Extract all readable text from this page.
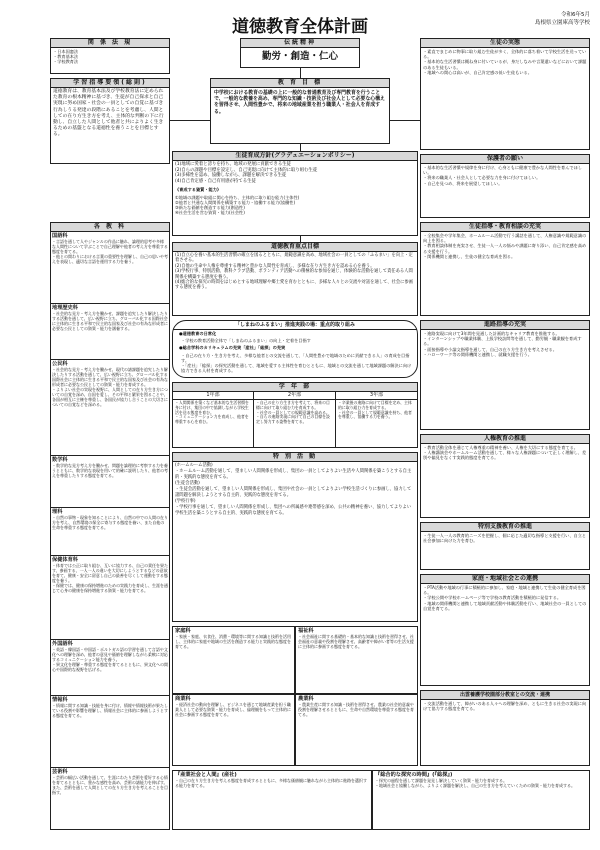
道徳教育全体計画
令和6年5月
島根県立園庫高等学校
関 係 法 規
・日本国憲法
・教育基本法
・学校教育法
学習指導要領(総則)
道徳教育は、教育基本法及び学校教育法に定められた教育の根本精神に基づき、生徒が自己探求と自己実現に努め国家・社会の一員としての自覚に基づき行為しうる発達の段階にあることを考慮し、人間としての在り方生き方を考え、主体的な判断の下に行動し、自立した人間として他者と共によりよく生きるための基盤となる道徳性を養うことを目標とする。
各 教 科
国語科
・言語を通して人やジャンルの作品に触れ、論理的思考や多様な人間性について学ぶことで自己理解や他者の考え方を尊重する態度を育てる。
・他との関わりにおける言葉の重要性を理解し、自己の思いや考えを表現し、適切な言語を運用する力を養う。
地理歴史科
・社会的な見方・考え方を働かせ、課題を追究したり解決したりする活動を通して、広い視野に立ち、グローバル化する国際社会に主体的に生きる平和で民主的な国家及び社会の有為な形成者に必要な公民としての資質・能力を涵養する。
公民科
・社会的な見方・考え方を働かせ、現代の諸課題を追究したり解決したりする活動を通して、広い視野に立ち、グローバル化する国際社会に主体的に生きる平和で民主的な国家及び社会の有為な形成者に必要な公民としての資質・能力を育成する。
・よりよい社会の実現を視野に、人間としての在り方生き方についての自覚を深め、自国を愛し、その平和と繁栄を図ることや、各国が相互に主権を尊重し、各国民が協力し合うことの大切さについての自覚などを深める。
数学科
・数学的な見方考え方を働かせ、問題を論理的に考察する力を養うとともに、数学的な表現を用いて的確に説明したり、他者の考えを尊重したりする態度を育てる。
理科
・自然の事物・現象を知ることにより、自然の中での人間の在り方を考え、自然環境の保全に寄与する態度を養い、また自他の生命を尊重する態度を育てる。
保健体育科
・体育では公正に取り組む、互いに協力する、自己の責任を果たす、参画する、一人一人の違いを大切にしようとするなどの意欲を育て、健康・安全に留意し自己の最善を尽くして運動をする態度を養う。
・保健では、健康の保持増進のための実践力を育成し、生涯を通じて心身の健康を保持増進する資質・能力を育てる。
外国語科
・英語・韓国語・中国語・ポルトガル語の学習を通して言語や文化への理解を深め、他者の意見や価値を理解しながら柔軟に対応するコミュニケーション能力を養う。
・異文化を理解・尊重する態度を育てるとともに、異文化への関心や国際的な視野を広げる。
情報科
・情報に関する知識・技能を身に付け、情報や情報技術が果たしている役割や影響を理解し、情報社会に主体的に参画しようとする態度を育てる。
芸術科
・芸術の幅広い活動を通して、生涯にわたり芸術を愛好する心情を育てるとともに、豊かな感性を高め、芸術の諸能力を伸ばす。また、芸術を通して人間としての在り方生き方を考えることを目指す。
伝統精神
勤労・創造・仁心
教 育 目 標
中学校における教育の基礎の上に一般的な普通教育及び専門教育を行うことで、一般的な教養を高め、専門的な知識・技術及び社会人として必要な心構えを習得させ、人間性豊かで、将来の地域産業を担う職業人・社会人を育成する。
生徒育成方針(グラデュエーションポリシー)
(1)地域に愛着と誇りを持ち、地域の発展に貢献できる生徒
(2)自らの課題や目標を設定し、自己実現に向けて主体的に取り組む生徒
(3)多様性を認め、協働しながら、課題を解決できる生徒
(4)自己肯定感・自己有用感が持てる生徒
《育成する資質・能力》
①地域の課題や取組に関心を持ち、主体的に取り組む能力(主体性)
②他者と共通な人間関係を構築する能力・協働する能力(協働性)
③新たな価値を創造する能力(創造性)
④社会生活を営む資質・能力(社会性)
道徳教育重点目標
(1)自立心を養い基本的生活習慣の確立を図るとともに、規範意識を高め、地域社会の一員としての「ふるまい」を向上・定着させる。
(2)自他の生命や人権を尊重する精神と豊かな人間性を育成し、多様な在り方生き方を認める心を養う。
(3)学校行事、特別活動、教科クラブ活動、ボランティア活動への積極的な参加を通じ、体験的な活動を通して責任ある人間関係を構築する態度を養う。
(4)総合的な探究の時間をはじめとする地域理解や郷土愛を育むとともに、多様な人々との交流や対話を通して、社会に参画する態度を養う。
「しまねのふるまい」推進実践の場：重点的取り組み
●道徳教育の日常化
・学校の教育活動全体で「しまねのふるまい」の向上・定着を目指す
●総合学科のカリキュラムの充実「産社」「総探」の充実
・自己の在り方・生き方を考え、多様な他者との交流を通して、「人間性豊かで地域のために貢献できる人」の育成を目指す。
・「産社」「総探」の探究活動を通して、地域を愛する主体性を育むとともに、地域との交流を通して地域課題の解決に向け協力できる人材を育成する。
学 年 部
1年部	2年部	3年部
・人間関係を築くなど基本的な生活習慣を身に付け、集団の中で協調しながら学校生活を送る態度を育む。
・コミュニケーション力を育成し、他者を尊重する心を育む。
・自己の在り方生き方を考えて、将来の目標に向けて取り組む力を育成する。
・社会の一員としての規範意識を高める。
・自らの進路実現に向けて自己の目標を設定し努力する姿勢を育てる。
・卒業後の進路に向けて目標を定め、主体的に取り組む力を育成する。
・社会の一員として規範意識を持ち、他者を尊重し、協働する力を養う。
特 別 活 動
(ホームルーム活動)
・ホームルーム活動を通して、望ましい人間関係を形成し、集団の一員としてよりよい生活や人間関係を築こうとする自主的・実践的な態度を育てる。
(生徒会活動)
・生徒会活動を通して、望ましい人間関係を形成し、集団や社会の一員としてよりよい学校生活づくりに参画し、協力して諸問題を解決しようとする自主的、実践的な態度を育てる。
(学校行事)
・学校行事を通して、望ましい人間関係を形成し、集団への所属感や連帯感を深め、公共の精神を養い、協力してよりよい学校生活を築こうとする自主的、実践的な態度を育てる。
家庭科
・家族・家庭、衣食住、消費・環境等に関する知識と技術を活用し、主体的に家庭や地域の生活を創造する能力と実践的な態度を育てる。
福祉科
・社会福祉に関する基礎的・基本的な知識と技術を習得させ、社会福祉の意義や役割を理解させ、高齢者や障がい者等の生活支援に主体的に参画する態度を育てる。
商業科
・経済社会の動向を理解し、ビジネスを通じて地域産業を担う職業人として必要な資質・能力を育成し、倫理観をもって主体的に社会に参画する態度を育てる。
農業科
・農業生産に関する知識・技術を習得させ、農業の社会的意義や役割を理解させるとともに、生命や自然環境を尊重する態度を育てる。
『産業社会と人間』(産社)
・自己の在り方生き方を考える態度を育成するとともに、多様な価値観に触れながら主体的に進路を選択する能力を育てる。
『総合的な探究の時間』(『総探』)
・探究の過程を通して課題を発見し解決していく資質・能力を育成する。
・地域社会と協働しながら、よりよく課題を解決し、自己の生き方を考えていくための資質・能力を育成する。
生徒の実態
・素直でまじめに物事に取り組む生徒が多く、全体的に落ち着いて学校生活を送っている。
・基本的な生活習慣は概ね身に付いているが、身だしなみや言葉遣いなどにおいて課題のある生徒もいる。
・地域への関心は高いが、自己肯定感の低い生徒もいる。
保護者の願い
・基本的な生活習慣や規律を身に付け、心身ともに健康で豊かな人間性を育んでほしい。
・将来の職業人・社会人として必要な力を身に付けてほしい。
・自己を見つめ、将来を展望してほしい。
生徒指導・教育相談の充実
・全校集会や学年集会、ホームルーム活動で行う講話を通して、人権意識や規範意識の向上を図る。
・教育相談体制を充実させ、生徒一人一人の悩みや課題に寄り添い、自己肯定感を高める支援を行う。
・関係機関と連携し、生徒の健全な育成を図る。
進路指導の充実
・進路実現に向けて3年間を見通した計画的なキャリア教育を推進する。
・インターンシップや職業体験、上級学校訪問等を通して、勤労観・職業観を育成する。
・面接指導や小論文指導を通して、自己の在り方生き方を考えさせる。
・ハローワーク等の関係機関と連携し、就職支援を行う。
人権教育の推進
・教育活動全体を通じて人権尊重の精神を養い、人権を大切にする態度を育てる。
・人権講演会やホームルーム活動を通して、様々な人権課題について正しく理解し、差別や偏見をなくす実践的態度を育てる。
特別支援教育の推進
・生徒一人一人の教育的ニーズを把握し、個に応じた適切な指導と支援を行い、自立と社会参加に向けた力を育む。
家庭・地域社会との連携
・PTA活動や地域の行事に積極的に参加し、家庭・地域と連携して生徒の健全育成を図る。
・学校公開や学校ホームページ等で学校の教育活動を積極的に発信する。
・地域の関係機関と連携して地域貢献活動や体験活動を行い、地域社会の一員としての自覚を育てる。
出雲養護学校園部分教室との交流・連携
・交流活動を通して、障がいのある人々への理解を深め、ともに生きる社会の実現に向けて協力する態度を育てる。
